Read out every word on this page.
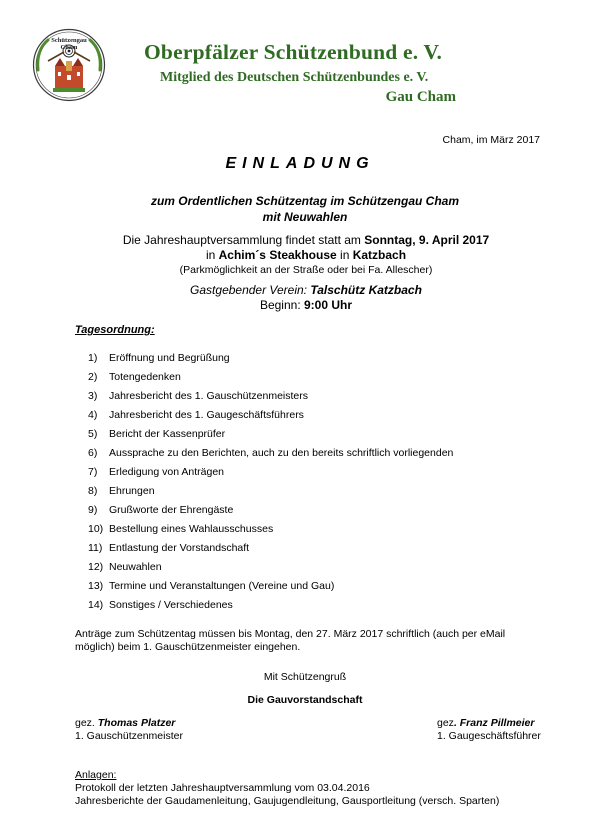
Schützengau Cham	Oberpfälzer Schützenbund e. V.
Mitglied des Deutschen Schützenbundes e. V.
Gau Cham
Cham, im März 2017
EINLADUNG
zum Ordentlichen Schützentag im Schützengau Cham
mit Neuwahlen
Die Jahreshauptversammlung findet statt am Sonntag, 9. April 2017
in Achim´s Steakhouse in Katzbach
(Parkmöglichkeit an der Straße oder bei Fa. Allescher)
Gastgebender Verein: Talschütz Katzbach
Beginn: 9:00 Uhr
Tagesordnung:
1)	Eröffnung und Begrüßung
2)	Totengedenken
3)	Jahresbericht des 1. Gauschützenmeisters
4)	Jahresbericht des 1. Gaugeschäftsführers
5)	Bericht der Kassenprüfer
6)	Aussprache zu den Berichten, auch zu den bereits schriftlich vorliegenden
7)	Erledigung von Anträgen
8)	Ehrungen
9)	Grußworte der Ehrengäste
10) Bestellung eines Wahlausschusses
11) Entlastung der Vorstandschaft
12) Neuwahlen
13) Termine und Veranstaltungen (Vereine und Gau)
14) Sonstiges / Verschiedenes
Anträge zum Schützentag müssen bis Montag, den 27. März 2017 schriftlich (auch per eMail möglich) beim 1. Gauschützenmeister eingehen.
Mit Schützengruß
Die Gauvorstandschaft
gez. Thomas Platzer
1. Gauschützenmeister
gez. Franz Pillmeier
1. Gaugeschäftsführer
Anlagen:
Protokoll der letzten Jahreshauptversammlung vom 03.04.2016
Jahresberichte der Gaudamenleitung, Gaujugendleitung, Gausportleitung (versch. Sparten)
